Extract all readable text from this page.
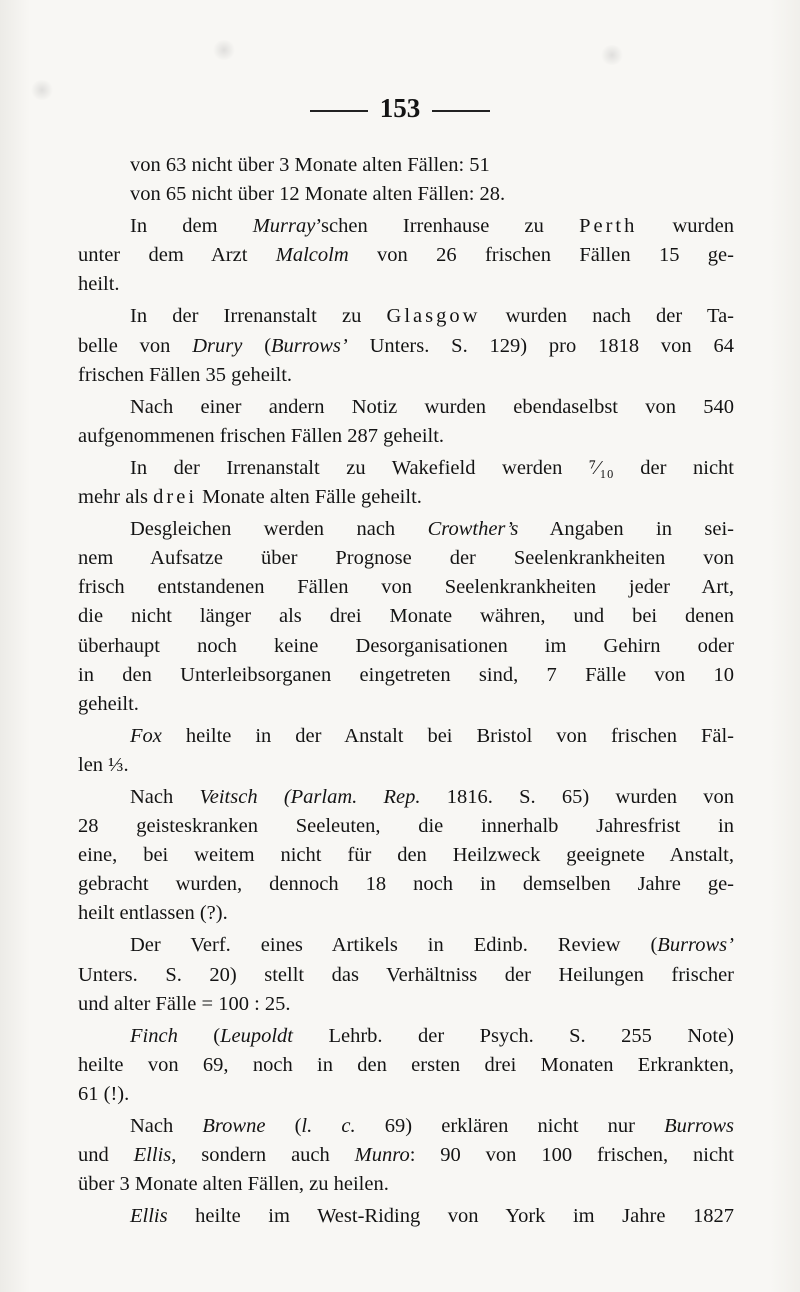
153
von 63 nicht über 3 Monate alten Fällen: 51
von 65 nicht über 12 Monate alten Fällen: 28.
In dem Murray’schen Irrenhause zu Perth wurden
unter dem Arzt Malcolm von 26 frischen Fällen 15 ge-
heilt.
In der Irrenanstalt zu Glasgow wurden nach der Ta-
belle von Drury (Burrows’ Unters. S. 129) pro 1818 von 64
frischen Fällen 35 geheilt.
Nach einer andern Notiz wurden ebendaselbst von 540
aufgenommenen frischen Fällen 287 geheilt.
In der Irrenanstalt zu Wakefield werden ⁷⁄₁₀ der nicht
mehr als drei Monate alten Fälle geheilt.
Desgleichen werden nach Crowther’s Angaben in sei-
nem Aufsatze über Prognose der Seelenkrankheiten von
frisch entstandenen Fällen von Seelenkrankheiten jeder Art,
die nicht länger als drei Monate währen, und bei denen
überhaupt noch keine Desorganisationen im Gehirn oder
in den Unterleibsorganen eingetreten sind, 7 Fälle von 10
geheilt.
Fox heilte in der Anstalt bei Bristol von frischen Fäl-
len ⅓.
Nach Veitsch (Parlam. Rep. 1816. S. 65) wurden von
28 geisteskranken Seeleuten, die innerhalb Jahresfrist in
eine, bei weitem nicht für den Heilzweck geeignete Anstalt,
gebracht wurden, dennoch 18 noch in demselben Jahre ge-
heilt entlassen (?).
Der Verf. eines Artikels in Edinb. Review (Burrows’
Unters. S. 20) stellt das Verhältniss der Heilungen frischer
und alter Fälle = 100 : 25.
Finch (Leupoldt Lehrb. der Psych. S. 255 Note)
heilte von 69, noch in den ersten drei Monaten Erkrankten,
61 (!).
Nach Browne (l. c. 69) erklären nicht nur Burrows
und Ellis, sondern auch Munro: 90 von 100 frischen, nicht
über 3 Monate alten Fällen, zu heilen.
Ellis heilte im West-Riding von York im Jahre 1827
